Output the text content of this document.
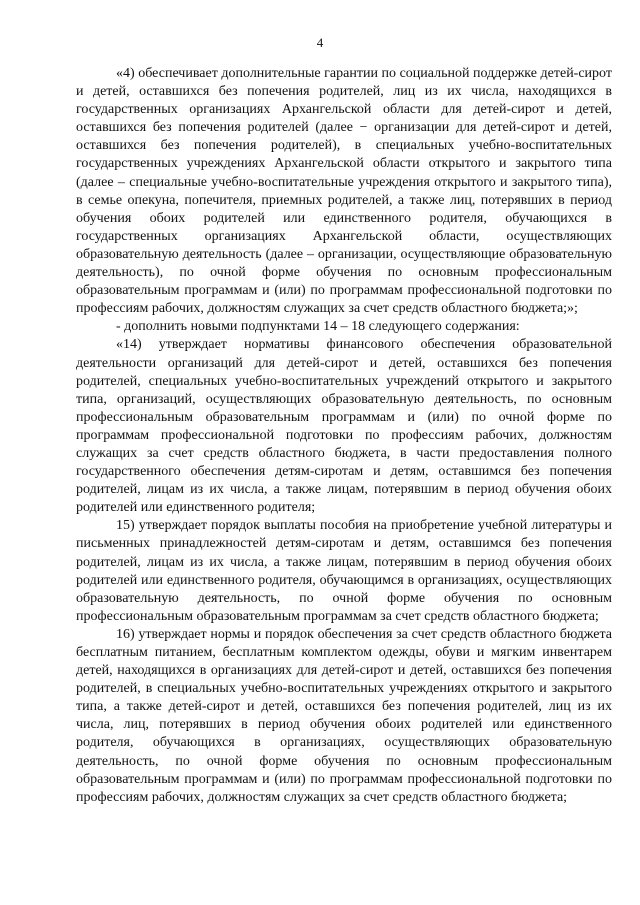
4

«4) обеспечивает дополнительные гарантии по социальной поддержке детей-сирот и детей, оставшихся без попечения родителей, лиц из их числа, находящихся в государственных организациях Архангельской области для детей-сирот и детей, оставшихся без попечения родителей (далее − организации для детей-сирот и детей, оставшихся без попечения родителей), в специальных учебно-воспитательных государственных учреждениях Архангельской области открытого и закрытого типа (далее – специальные учебно-воспитательные учреждения открытого и закрытого типа), в семье опекуна, попечителя, приемных родителей, а также лиц, потерявших в период обучения обоих родителей или единственного родителя, обучающихся в государственных организациях Архангельской области, осуществляющих образовательную деятельность (далее – организации, осуществляющие образовательную деятельность), по очной форме обучения по основным профессиональным образовательным программам и (или) по программам профессиональной подготовки по профессиям рабочих, должностям служащих за счет средств областного бюджета;»;

- дополнить новыми подпунктами 14 – 18 следующего содержания:

«14) утверждает нормативы финансового обеспечения образовательной деятельности организаций для детей-сирот и детей, оставшихся без попечения родителей, специальных учебно-воспитательных учреждений открытого и закрытого типа, организаций, осуществляющих образовательную деятельность, по основным профессиональным образовательным программам и (или) по очной форме по программам профессиональной подготовки по профессиям рабочих, должностям служащих за счет средств областного бюджета, в части предоставления полного государственного обеспечения детям-сиротам и детям, оставшимся без попечения родителей, лицам из их числа, а также лицам, потерявшим в период обучения обоих родителей или единственного родителя;

15) утверждает порядок выплаты пособия на приобретение учебной литературы и письменных принадлежностей детям-сиротам и детям, оставшимся без попечения родителей, лицам из их числа, а также лицам, потерявшим в период обучения обоих родителей или единственного родителя, обучающимся в организациях, осуществляющих образовательную деятельность, по очной форме обучения по основным профессиональным образовательным программам за счет средств областного бюджета;

16) утверждает нормы и порядок обеспечения за счет средств областного бюджета бесплатным питанием, бесплатным комплектом одежды, обуви и мягким инвентарем детей, находящихся в организациях для детей-сирот и детей, оставшихся без попечения родителей, в специальных учебно-воспитательных учреждениях открытого и закрытого типа, а также детей-сирот и детей, оставшихся без попечения родителей, лиц из их числа, лиц, потерявших в период обучения обоих родителей или единственного родителя, обучающихся в организациях, осуществляющих образовательную деятельность, по очной форме обучения по основным профессиональным образовательным программам и (или) по программам профессиональной подготовки по профессиям рабочих, должностям служащих за счет средств областного бюджета;
